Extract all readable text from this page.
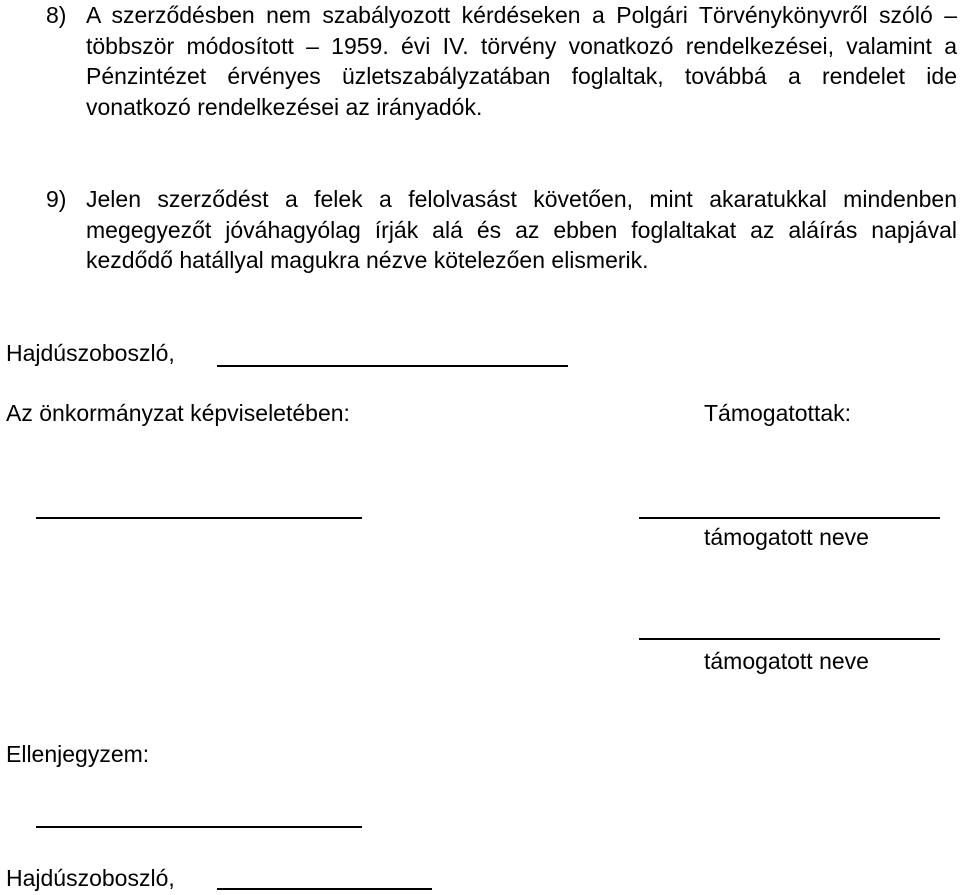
8) A szerződésben nem szabályozott kérdéseken a Polgári Törvénykönyvről szóló – többször módosított – 1959. évi IV. törvény vonatkozó rendelkezései, valamint a Pénzintézet érvényes üzletszabályzatában foglaltak, továbbá a rendelet ide vonatkozó rendelkezései az irányadók.
9) Jelen szerződést a felek a felolvasást követően, mint akaratukkal mindenben megegyezőt jóváhagyólag írják alá és az ebben foglaltakat az aláírás napjával kezdődő hatállyal magukra nézve kötelezően elismerik.
Hajdúszoboszló,
Az önkormányzat képviseletében:	Támogatottak:
támogatott neve
támogatott neve
Ellenjegyzem:
Hajdúszoboszló,
